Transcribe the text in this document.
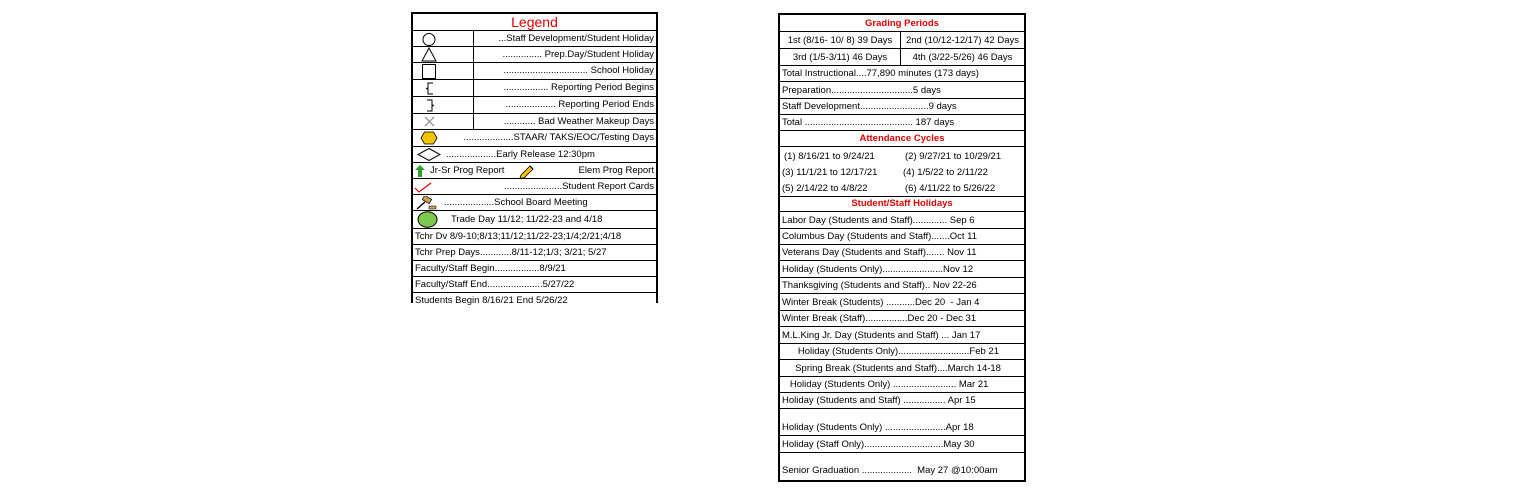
Legend
...Staff Development/Student Holiday
............... Prep.Day/Student Holiday
................................ School Holiday
................. Reporting Period Begins
................... Reporting Period Ends
............ Bad Weather Makeup Days
...................STAAR/ TAKS/EOC/Testing Days
...................Early Release 12:30pm
Jr-Sr Prog Report	Elem Prog Report
......................Student Report Cards
...................School Board Meeting
Trade Day 11/12; 11/22-23 and 4/18
Tchr Dv 8/9-10;8/13;11/12;11/22-23;1/4;2/21;4/18
Tchr Prep Days............8/11-12;1/3; 3/21; 5/27
Faculty/Staff Begin.................8/9/21
Faculty/Staff End.....................5/27/22
Students Begin 8/16/21 End 5/26/22
Grading Periods
1st (8/16- 10/ 8) 39 Days	2nd (10/12-12/17) 42 Days
3rd (1/5-3/11) 46 Days	4th (3/22-5/26) 46 Days
Total Instructional....77,890 minutes (173 days)
Preparation...............................5 days
Staff Development..........................9 days
Total ......................................... 187 days
Attendance Cycles
(1) 8/16/21 to 9/24/21	(2) 9/27/21 to 10/29/21
(3) 11/1/21 to 12/17/21	(4) 1/5/22 to 2/11/22
(5) 2/14/22 to 4/8/22	(6) 4/11/22 to 5/26/22
Student/Staff Holidays
Labor Day (Students and Staff)............. Sep 6
Columbus Day (Students and Staff).......Oct 11
Veterans Day (Students and Staff)....... Nov 11
Holiday (Students Only).......................Nov 12
Thanksgiving (Students and Staff).. Nov 22-26
Winter Break (Students) ...........Dec 20  - Jan 4
Winter Break (Staff)................Dec 20 - Dec 31
M.L.King Jr. Day (Students and Staff) ... Jan 17
Holiday (Students Only)...........................Feb 21
Spring Break (Students and Staff)....March 14-18
Holiday (Students Only) ........................ Mar 21
Holiday (Students and Staff) ................ Apr 15
Holiday (Students Only) .......................Apr 18
Holiday (Staff Only)..............................May 30
Senior Graduation ...................  May 27 @10:00am
